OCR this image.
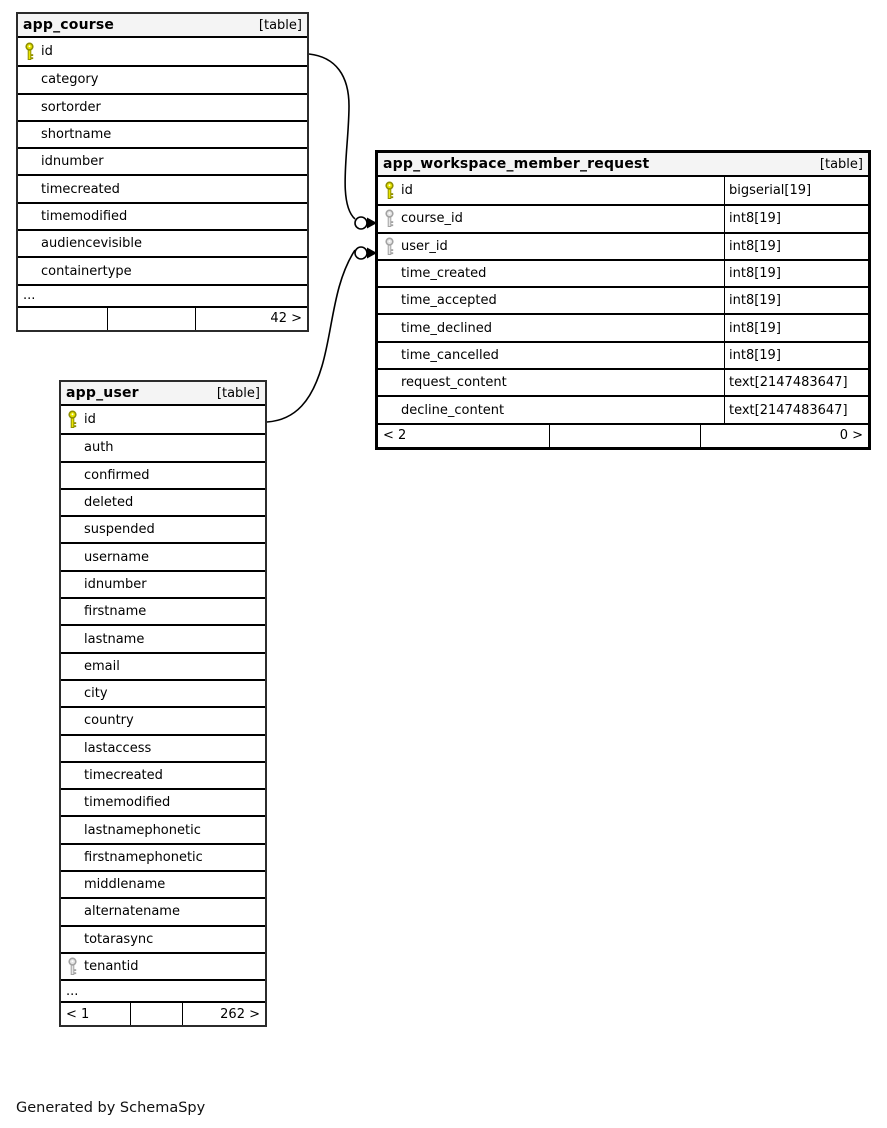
app_course	[table]
id
category
sortorder
shortname
idnumber
timecreated
timemodified
audiencevisible
containertype
...
42 >
app_workspace_member_request	[table]
id	bigserial[19]
course_id	int8[19]
user_id	int8[19]
time_created	int8[19]
time_accepted	int8[19]
time_declined	int8[19]
time_cancelled	int8[19]
request_content	text[2147483647]
decline_content	text[2147483647]
< 2	0 >
app_user	[table]
id
auth
confirmed
deleted
suspended
username
idnumber
firstname
lastname
email
city
country
lastaccess
timecreated
timemodified
lastnamephonetic
firstnamephonetic
middlename
alternatename
totarasync
tenantid
...
< 1	262 >
Generated by SchemaSpy
